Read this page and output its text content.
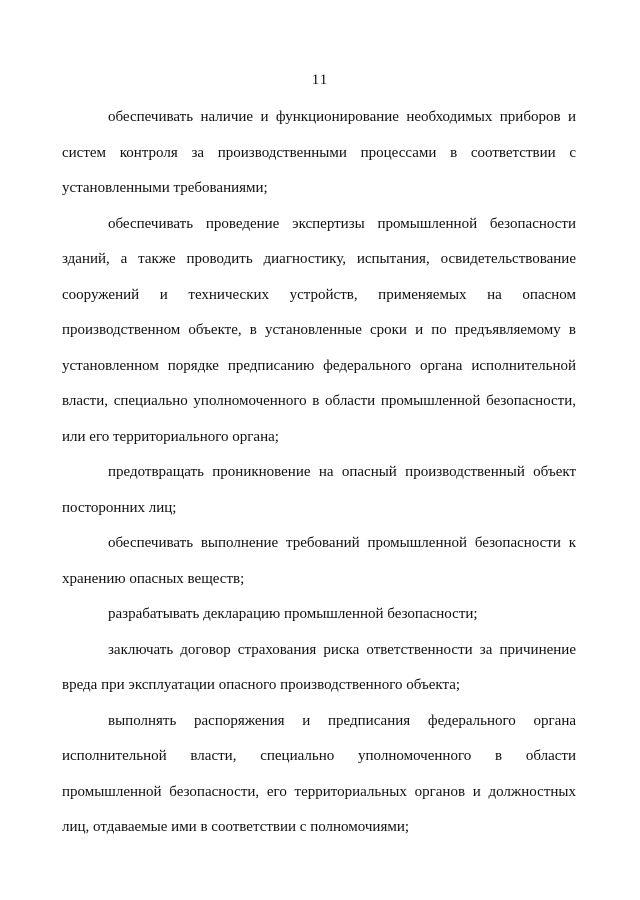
11

обеспечивать наличие и функционирование необходимых приборов и
систем контроля за производственными процессами в соответствии с
установленными требованиями;

обеспечивать проведение экспертизы промышленной безопасности
зданий, а также проводить диагностику, испытания, освидетельствование
сооружений и технических устройств, применяемых на опасном
производственном объекте, в установленные сроки и по предъявляемому в
установленном порядке предписанию федерального органа исполнительной
власти, специально уполномоченного в области промышленной безопасности,
или его территориального органа;

предотвращать проникновение на опасный производственный объект
посторонних лиц;

обеспечивать выполнение требований промышленной безопасности к
хранению опасных веществ;

разрабатывать декларацию промышленной безопасности;

заключать договор страхования риска ответственности за причинение
вреда при эксплуатации опасного производственного объекта;

выполнять распоряжения и предписания федерального органа
исполнительной власти, специально уполномоченного в области
промышленной безопасности, его территориальных органов и должностных
лиц, отдаваемые ими в соответствии с полномочиями;
